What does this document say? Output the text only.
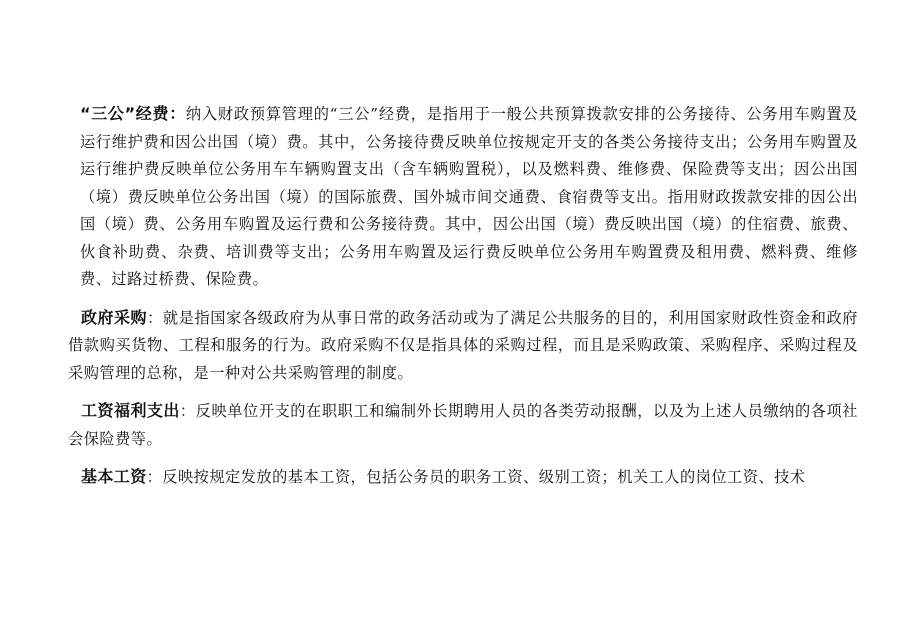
“三公”经费：纳入财政预算管理的“三公”经费，是指用于一般公共预算拨款安排的公务接待、公务用车购置及运行维护费和因公出国（境）费。其中，公务接待费反映单位按规定开支的各类公务接待支出；公务用车购置及运行维护费反映单位公务用车车辆购置支出（含车辆购置税），以及燃料费、维修费、保险费等支出；因公出国（境）费反映单位公务出国（境）的国际旅费、国外城市间交通费、食宿费等支出。指用财政拨款安排的因公出国（境）费、公务用车购置及运行费和公务接待费。其中，因公出国（境）费反映出国（境）的住宿费、旅费、伙食补助费、杂费、培训费等支出；公务用车购置及运行费反映单位公务用车购置费及租用费、燃料费、维修费、过路过桥费、保险费。

政府采购：就是指国家各级政府为从事日常的政务活动或为了满足公共服务的目的，利用国家财政性资金和政府借款购买货物、工程和服务的行为。政府采购不仅是指具体的采购过程，而且是采购政策、采购程序、采购过程及采购管理的总称，是一种对公共采购管理的制度。

工资福利支出：反映单位开支的在职职工和编制外长期聘用人员的各类劳动报酬，以及为上述人员缴纳的各项社会保险费等。

基本工资：反映按规定发放的基本工资，包括公务员的职务工资、级别工资；机关工人的岗位工资、技术
